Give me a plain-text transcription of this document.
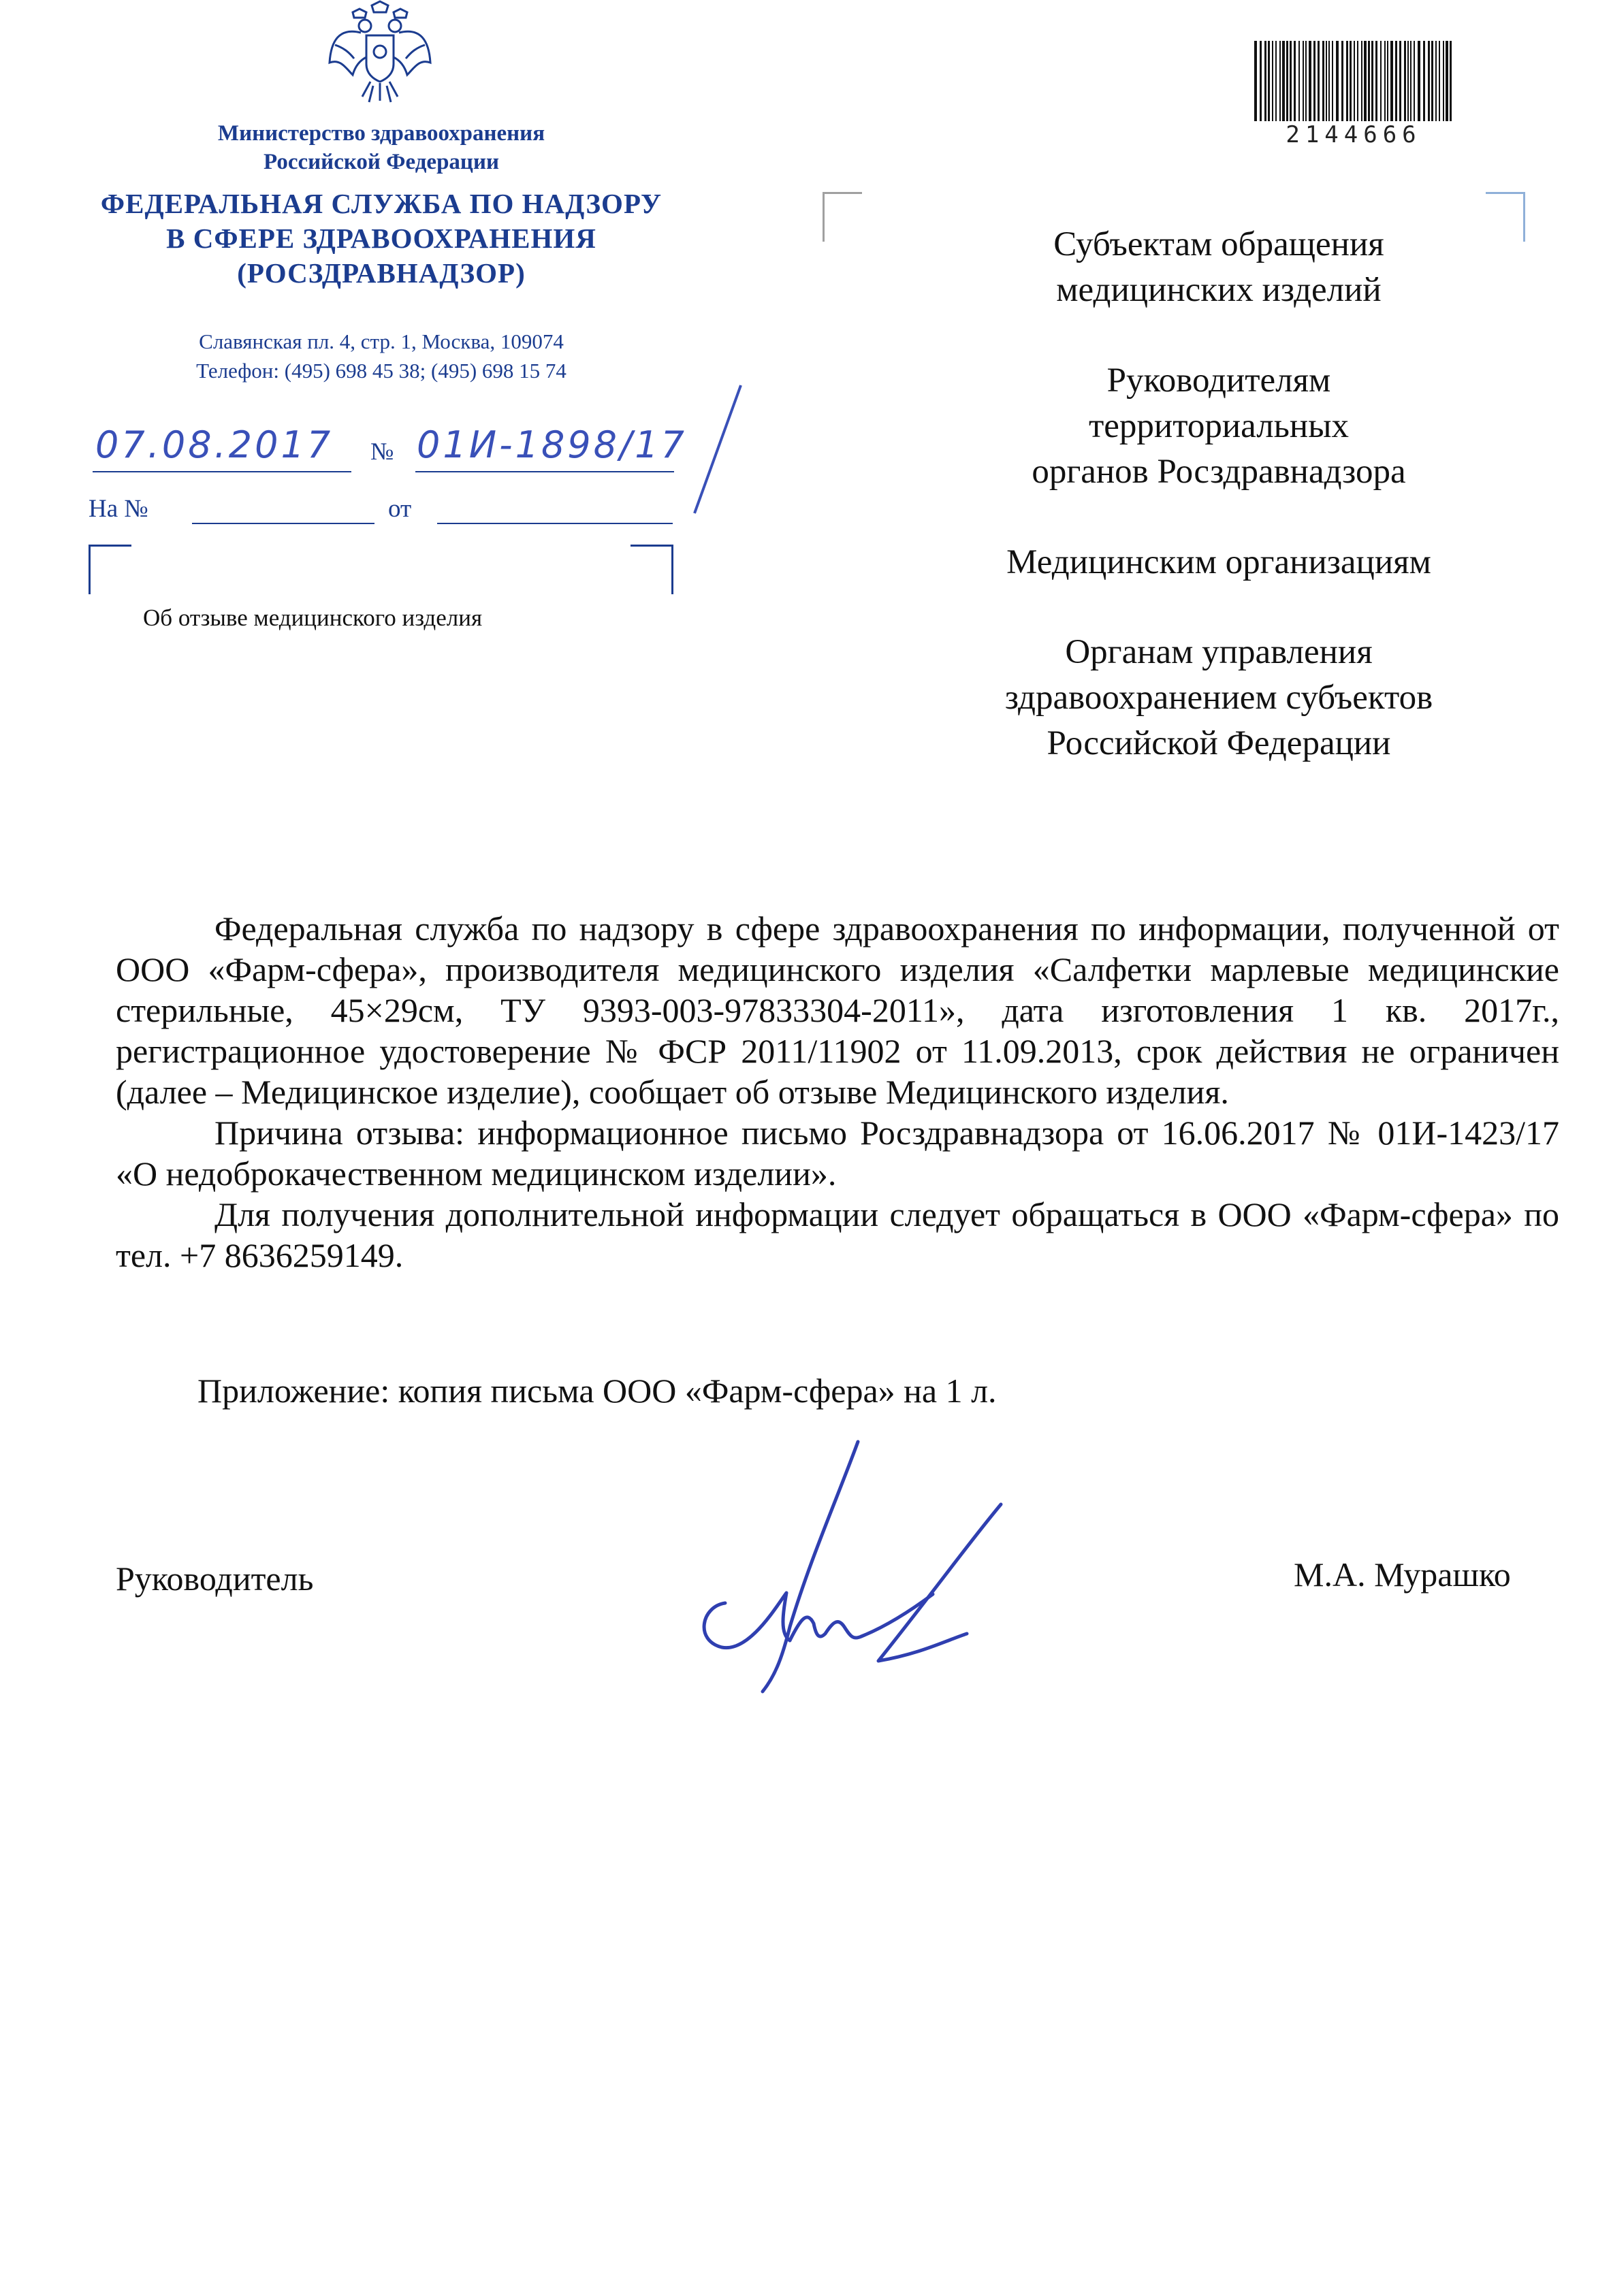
Министерство здравоохранения
Российской Федерации
ФЕДЕРАЛЬНАЯ СЛУЖБА ПО НАДЗОРУ
В СФЕРЕ ЗДРАВООХРАНЕНИЯ
(РОСЗДРАВНАДЗОР)
Славянская пл. 4, стр. 1, Москва, 109074
Телефон: (495) 698 45 38; (495) 698 15 74
07.08.2017 № 01И-1898/17
На №	от
Об отзыве медицинского изделия
2144666
Субъектам обращения
медицинских изделий
Руководителям
территориальных
органов Росздравнадзора
Медицинским организациям
Органам управления
здравоохранением субъектов
Российской Федерации

Федеральная служба по надзору в сфере здравоохранения по информации, полученной от ООО «Фарм-сфера», производителя медицинского изделия «Салфетки марлевые медицинские стерильные, 45×29см, ТУ 9393-003-97833304-2011», дата изготовления 1 кв. 2017г., регистрационное удостоверение № ФСР 2011/11902 от 11.09.2013, срок действия не ограничен (далее – Медицинское изделие), сообщает об отзыве Медицинского изделия.

Причина отзыва: информационное письмо Росздравнадзора от 16.06.2017 № 01И-1423/17 «О недоброкачественном медицинском изделии».

Для получения дополнительной информации следует обращаться в ООО «Фарм-сфера» по тел. +7 8636259149.

Приложение: копия письма ООО «Фарм-сфера» на 1 л.
Руководитель	М.А. Мурашко
